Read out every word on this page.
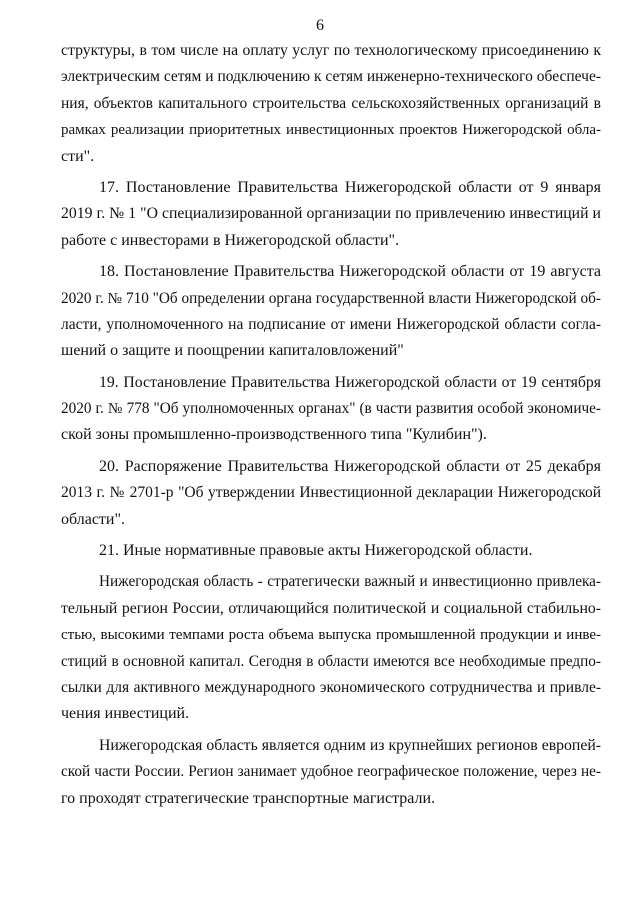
6
структуры, в том числе на оплату услуг по технологическому присоединению к
электрическим сетям и подключению к сетям инженерно-технического обеспече-
ния, объектов капитального строительства сельскохозяйственных организаций в
рамках реализации приоритетных инвестиционных проектов Нижегородской обла-
сти".
17. Постановление Правительства Нижегородской области от 9 января
2019 г. № 1 "О специализированной организации по привлечению инвестиций и
работе с инвесторами в Нижегородской области".
18. Постановление Правительства Нижегородской области от 19 августа
2020 г. № 710 "Об определении органа государственной власти Нижегородской об-
ласти, уполномоченного на подписание от имени Нижегородской области согла-
шений о защите и поощрении капиталовложений"
19. Постановление Правительства Нижегородской области от 19 сентября
2020 г. № 778 "Об уполномоченных органах" (в части развития особой экономиче-
ской зоны промышленно-производственного типа "Кулибин").
20. Распоряжение Правительства Нижегородской области от 25 декабря
2013 г. № 2701-р "Об утверждении Инвестиционной декларации Нижегородской
области".
21. Иные нормативные правовые акты Нижегородской области.
Нижегородская область - стратегически важный и инвестиционно привлека-
тельный регион России, отличающийся политической и социальной стабильно-
стью, высокими темпами роста объема выпуска промышленной продукции и инве-
стиций в основной капитал. Сегодня в области имеются все необходимые предпо-
сылки для активного международного экономического сотрудничества и привле-
чения инвестиций.
Нижегородская область является одним из крупнейших регионов европей-
ской части России. Регион занимает удобное географическое положение, через не-
го проходят стратегические транспортные магистрали.
